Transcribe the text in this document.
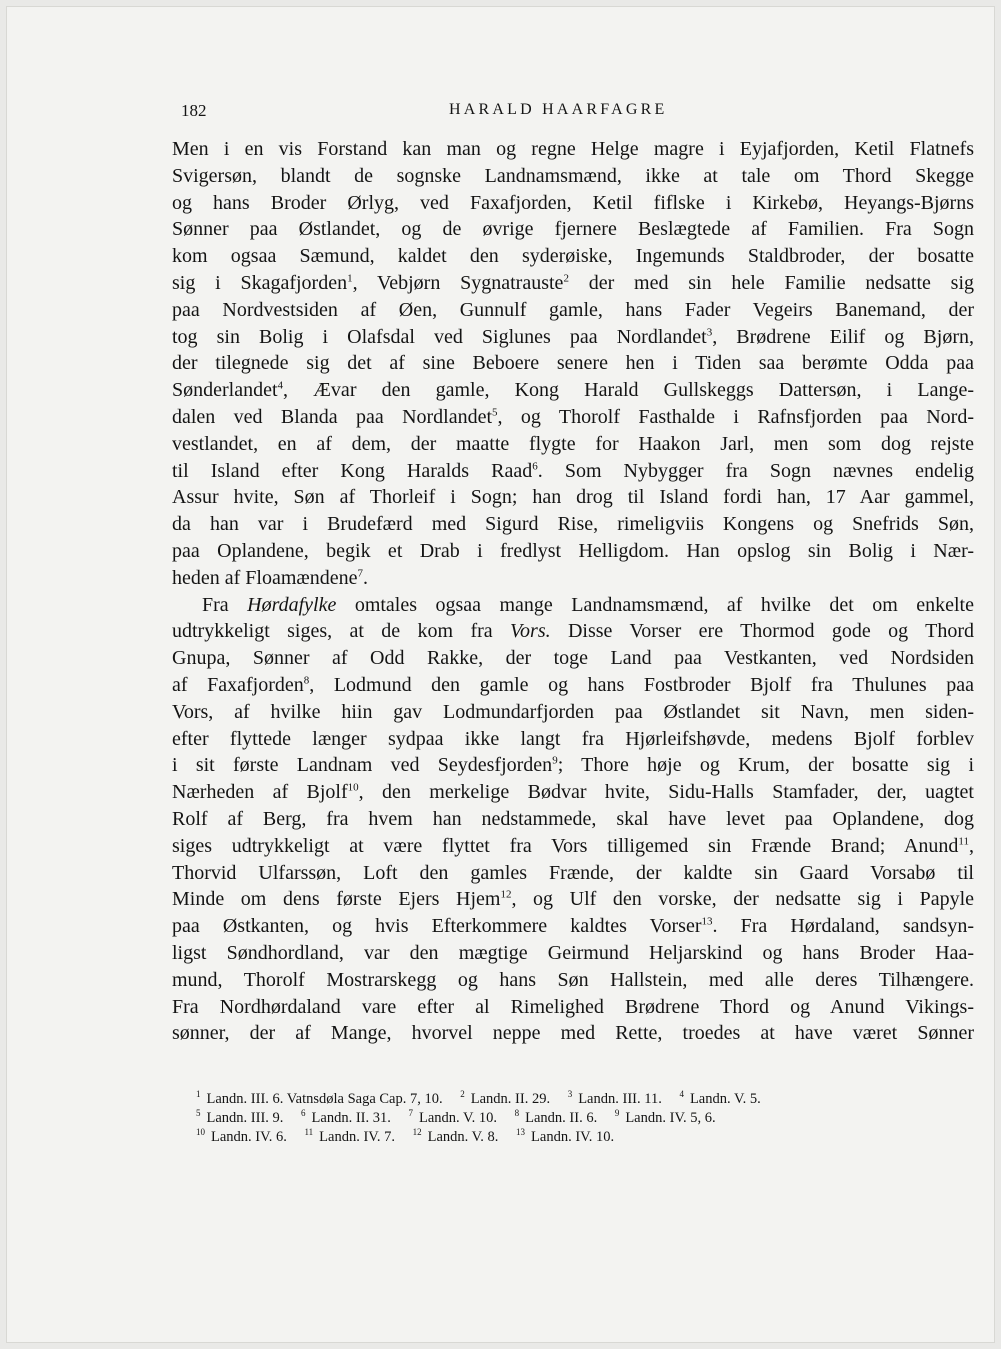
182	HARALD HAARFAGRE
Men i en vis Forstand kan man og regne Helge magre i Eyjafjorden, Ketil Flatnefs
Svigersøn, blandt de sognske Landnamsmænd, ikke at tale om Thord Skegge
og hans Broder Ørlyg, ved Faxafjorden, Ketil fiflske i Kirkebø, Heyangs-Bjørns
Sønner paa Østlandet, og de øvrige fjernere Beslægtede af Familien. Fra Sogn
kom ogsaa Sæmund, kaldet den syderøiske, Ingemunds Staldbroder, der bosatte
sig i Skagafjorden$^1$, Vebjørn Sygnatrauste$^2$ der med sin hele Familie nedsatte sig
paa Nordvestsiden af Øen, Gunnulf gamle, hans Fader Vegeirs Banemand, der
tog sin Bolig i Olafsdal ved Siglunes paa Nordlandet$^3$, Brødrene Eilif og Bjørn,
der tilegnede sig det af sine Beboere senere hen i Tiden saa berømte Odda paa
Sønderlandet$^4$, Ævar den gamle, Kong Harald Gullskeggs Dattersøn, i Lange-
dalen ved Blanda paa Nordlandet$^5$, og Thorolf Fasthalde i Rafnsfjorden paa Nord-
vestlandet, en af dem, der maatte flygte for Haakon Jarl, men som dog rejste
til Island efter Kong Haralds Raad$^6$. Som Nybygger fra Sogn nævnes endelig
Assur hvite, Søn af Thorleif i Sogn; han drog til Island fordi han, 17 Aar gammel,
da han var i Brudefærd med Sigurd Rise, rimeligviis Kongens og Snefrids Søn,
paa Oplandene, begik et Drab i fredlyst Helligdom. Han opslog sin Bolig i Nær-
heden af Floamændene$^7$.
Fra Hørdafylke omtales ogsaa mange Landnamsmænd, af hvilke det om enkelte
udtrykkeligt siges, at de kom fra Vors. Disse Vorser ere Thormod gode og Thord
Gnupa, Sønner af Odd Rakke, der toge Land paa Vestkanten, ved Nordsiden
af Faxafjorden$^8$, Lodmund den gamle og hans Fostbroder Bjolf fra Thulunes paa
Vors, af hvilke hiin gav Lodmundarfjorden paa Østlandet sit Navn, men siden-
efter flyttede længer sydpaa ikke langt fra Hjørleifshøvde, medens Bjolf forblev
i sit første Landnam ved Seydesfjorden$^9$; Thore høje og Krum, der bosatte sig i
Nærheden af Bjolf$^{10}$, den merkelige Bødvar hvite, Sidu-Halls Stamfader, der, uagtet
Rolf af Berg, fra hvem han nedstammede, skal have levet paa Oplandene, dog
siges udtrykkeligt at være flyttet fra Vors tilligemed sin Frænde Brand; Anund$^{11}$,
Thorvid Ulfarssøn, Loft den gamles Frænde, der kaldte sin Gaard Vorsabø til
Minde om dens første Ejers Hjem$^{12}$, og Ulf den vorske, der nedsatte sig i Papyle
paa Østkanten, og hvis Efterkommere kaldtes Vorser$^{13}$. Fra Hørdaland, sandsyn-
ligst Søndhordland, var den mægtige Geirmund Heljarskind og hans Broder Haa-
mund, Thorolf Mostrarskegg og hans Søn Hallstein, med alle deres Tilhængere.
Fra Nordhørdaland vare efter al Rimelighed Brødrene Thord og Anund Vikings-
sønner, der af Mange, hvorvel neppe med Rette, troedes at have været Sønner
$^1$ Landn. III. 6. Vatnsdøla Saga Cap. 7, 10. $^2$ Landn. II. 29. $^3$ Landn. III. 11. $^4$ Landn. V. 5.
$^5$ Landn. III. 9. $^6$ Landn. II. 31. $^7$ Landn. V. 10. $^8$ Landn. II. 6. $^9$ Landn. IV. 5, 6.
$^{10}$ Landn. IV. 6. $^{11}$ Landn. IV. 7. $^{12}$ Landn. V. 8. $^{13}$ Landn. IV. 10.
